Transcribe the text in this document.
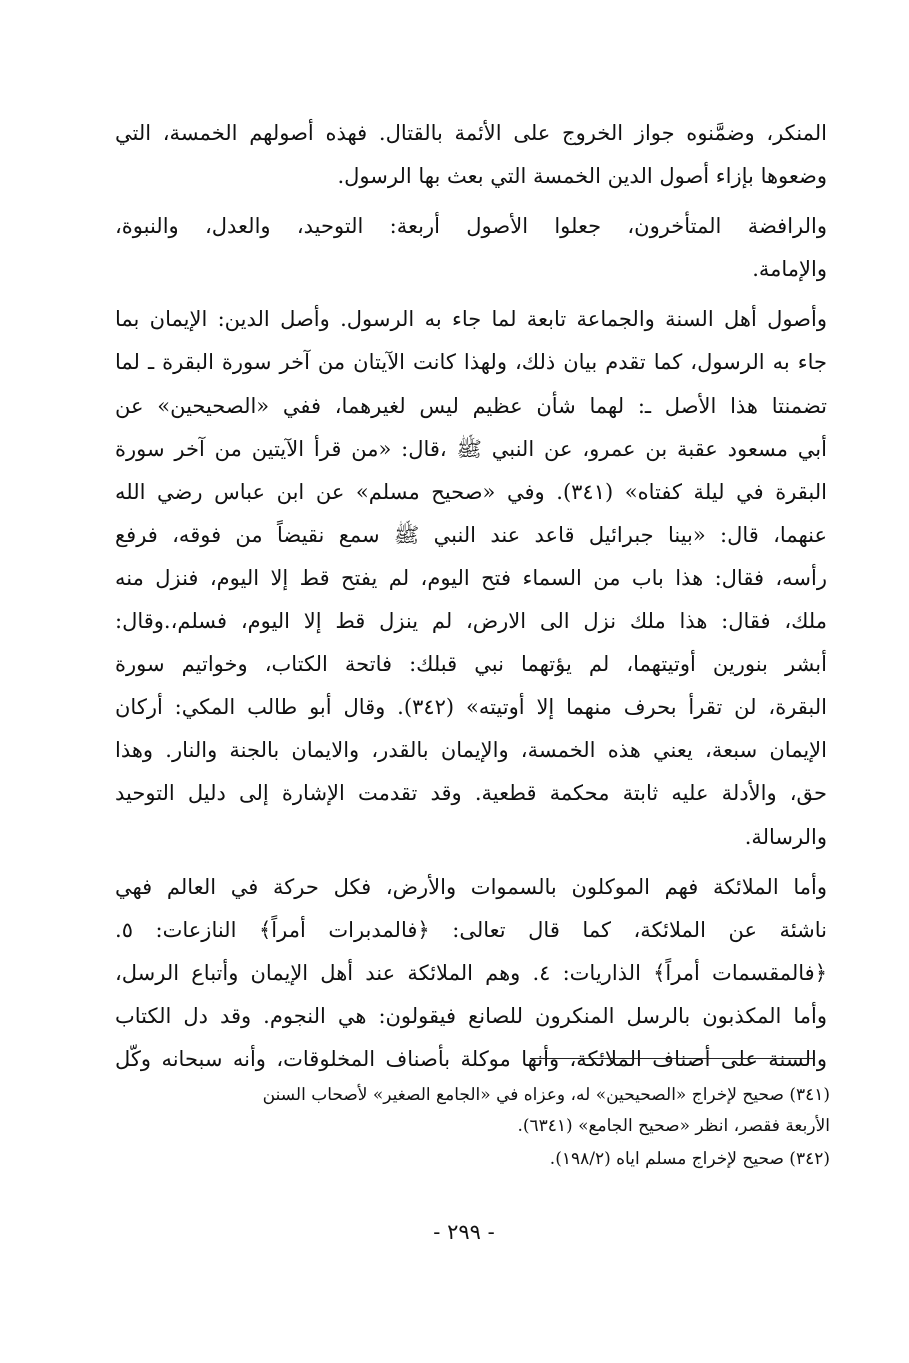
المنكر، وضمَّنوه جواز الخروج على الأئمة بالقتال. فهذه أصولهم الخمسة، التي
وضعوها بإزاء أصول الدين الخمسة التي بعث بها الرسول.
والرافضة المتأخرون، جعلوا الأصول أربعة: التوحيد، والعدل، والنبوة،
والإمامة.
وأصول أهل السنة والجماعة تابعة لما جاء به الرسول. وأصل الدين: الإيمان بما
جاء به الرسول، كما تقدم بيان ذلك، ولهذا كانت الآيتان من آخر سورة البقرة ـ لما
تضمنتا هذا الأصل ـ: لهما شأن عظيم ليس لغيرهما، ففي «الصحيحين» عن
أبي مسعود عقبة بن عمرو، عن النبي ﷺ ،قال: «من قرأ الآيتين من آخر سورة
البقرة في ليلة كفتاه» (٣٤١). وفي «صحيح مسلم» عن ابن عباس رضي الله
عنهما، قال: «بينا جبرائيل قاعد عند النبي ﷺ سمع نقيضاً من فوقه، فرفع
رأسه، فقال: هذا باب من السماء فتح اليوم، لم يفتح قط إلا اليوم، فنزل منه
ملك، فقال: هذا ملك نزل الى الارض، لم ينزل قط إلا اليوم، فسلم،.وقال:
أبشر بنورين أوتيتهما، لم يؤتهما نبي قبلك: فاتحة الكتاب، وخواتيم سورة
البقرة، لن تقرأ بحرف منهما إلا أوتيته» (٣٤٢). وقال أبو طالب المكي: أركان
الإيمان سبعة، يعني هذه الخمسة، والإيمان بالقدر، والايمان بالجنة والنار. وهذا
حق، والأدلة عليه ثابتة محكمة قطعية. وقد تقدمت الإشارة إلى دليل التوحيد
والرسالة.
وأما الملائكة فهم الموكلون بالسموات والأرض، فكل حركة في العالم فهي
ناشئة عن الملائكة، كما قال تعالى: ﴿فالمدبرات أمراً﴾ النازعات: ٥.
﴿فالمقسمات أمراً﴾ الذاريات: ٤. وهم الملائكة عند أهل الإيمان وأتباع الرسل،
وأما المكذبون بالرسل المنكرون للصانع فيقولون: هي النجوم. وقد دل الكتاب
والسنة على أصناف الملائكة، وأنها موكلة بأصناف المخلوقات، وأنه سبحانه وكّل
(٣٤١) صحيح لإخراج «الصحيحين» له، وعزاه في «الجامع الصغير» لأصحاب السنن
الأربعة فقصر، انظر «صحيح الجامع» (٦٣٤١).
(٣٤٢) صحيح لإخراج مسلم اياه (١٩٨/٢).
- ٢٩٩ -
